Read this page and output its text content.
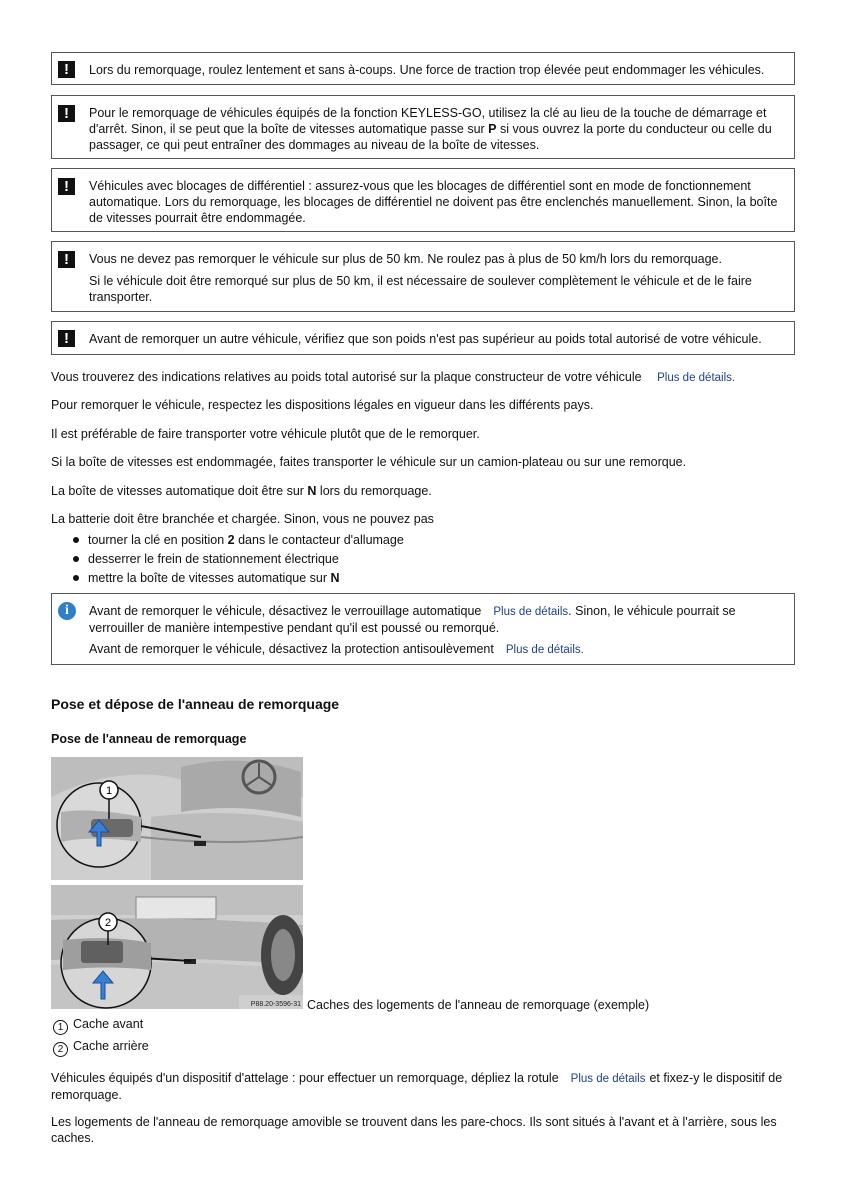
!	Lors du remorquage, roulez lentement et sans à-coups. Une force de traction trop élevée peut endommager les véhicules.
!	Pour le remorquage de véhicules équipés de la fonction KEYLESS-GO, utilisez la clé au lieu de la touche de démarrage et d'arrêt. Sinon, il se peut que la boîte de vitesses automatique passe sur P si vous ouvrez la porte du conducteur ou celle du passager, ce qui peut entraîner des dommages au niveau de la boîte de vitesses.
!	Véhicules avec blocages de différentiel : assurez-vous que les blocages de différentiel sont en mode de fonctionnement automatique. Lors du remorquage, les blocages de différentiel ne doivent pas être enclenchés manuellement. Sinon, la boîte de vitesses pourrait être endommagée.
!	Vous ne devez pas remorquer le véhicule sur plus de 50 km. Ne roulez pas à plus de 50 km/h lors du remorquage.
Si le véhicule doit être remorqué sur plus de 50 km, il est nécessaire de soulever complètement le véhicule et de le faire transporter.
!	Avant de remorquer un autre véhicule, vérifiez que son poids n'est pas supérieur au poids total autorisé de votre véhicule.
Vous trouverez des indications relatives au poids total autorisé sur la plaque constructeur de votre véhicule Plus de détails.
Pour remorquer le véhicule, respectez les dispositions légales en vigueur dans les différents pays.
Il est préférable de faire transporter votre véhicule plutôt que de le remorquer.
Si la boîte de vitesses est endommagée, faites transporter le véhicule sur un camion-plateau ou sur une remorque.
La boîte de vitesses automatique doit être sur N lors du remorquage.
La batterie doit être branchée et chargée. Sinon, vous ne pouvez pas
tourner la clé en position 2 dans le contacteur d'allumage
desserrer le frein de stationnement électrique
mettre la boîte de vitesses automatique sur N
i	Avant de remorquer le véhicule, désactivez le verrouillage automatique Plus de détails. Sinon, le véhicule pourrait se verrouiller de manière intempestive pendant qu'il est poussé ou remorqué.
Avant de remorquer le véhicule, désactivez la protection antisoulèvement Plus de détails.
Pose et dépose de l'anneau de remorquage
Pose de l'anneau de remorquage
1
2
P88.20-3596-31 Caches des logements de l'anneau de remorquage (exemple)
1 Cache avant
2 Cache arrière
Véhicules équipés d'un dispositif d'attelage : pour effectuer un remorquage, dépliez la rotule Plus de détails et fixez-y le dispositif de remorquage.
Les logements de l'anneau de remorquage amovible se trouvent dans les pare-chocs. Ils sont situés à l'avant et à l'arrière, sous les caches.
